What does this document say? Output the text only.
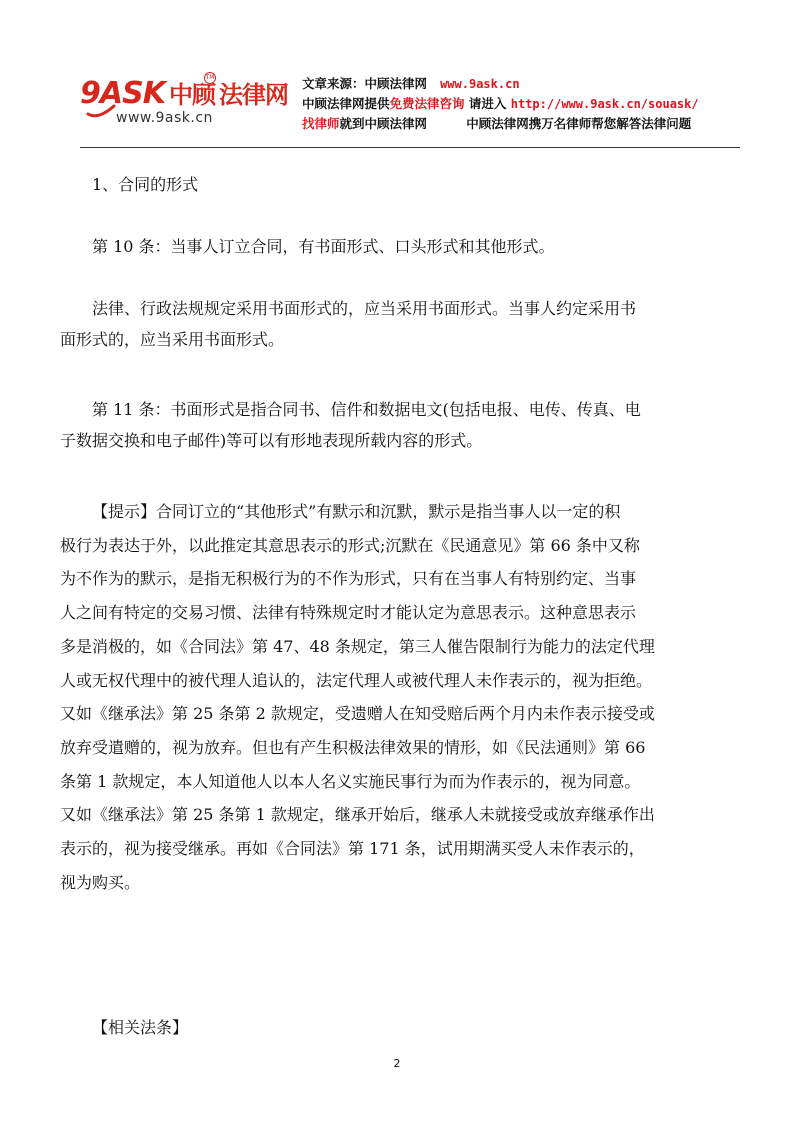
9ASK 中顾 法律网
TM
www.9ask.cn
文章来源：中顾法律网 www.9ask.cn
中顾法律网提供免费法律咨询 请进入 http://www.9ask.cn/souask/
找律师就到中顾法律网	中顾法律网携万名律师帮您解答法律问题
1、合同的形式
第 10 条：当事人订立合同，有书面形式、口头形式和其他形式。
法律、行政法规规定采用书面形式的，应当采用书面形式。当事人约定采用书
面形式的，应当采用书面形式。
第 11 条：书面形式是指合同书、信件和数据电文(包括电报、电传、传真、电
子数据交换和电子邮件)等可以有形地表现所载内容的形式。
【提示】合同订立的“其他形式”有默示和沉默，默示是指当事人以一定的积
极行为表达于外，以此推定其意思表示的形式;沉默在《民通意见》第 66 条中又称
为不作为的默示，是指无积极行为的不作为形式，只有在当事人有特别约定、当事
人之间有特定的交易习惯、法律有特殊规定时才能认定为意思表示。这种意思表示
多是消极的，如《合同法》第 47、48 条规定，第三人催告限制行为能力的法定代理
人或无权代理中的被代理人追认的，法定代理人或被代理人未作表示的，视为拒绝。
又如《继承法》第 25 条第 2 款规定，受遗赠人在知受赔后两个月内未作表示接受或
放弃受遣赠的，视为放弃。但也有产生积极法律效果的情形，如《民法通则》第 66
条第 1 款规定，本人知道他人以本人名义实施民事行为而为作表示的，视为同意。
又如《继承法》第 25 条第 1 款规定，继承开始后，继承人未就接受或放弃继承作出
表示的，视为接受继承。再如《合同法》第 171 条，试用期满买受人未作表示的，
视为购买。
【相关法条】
2
